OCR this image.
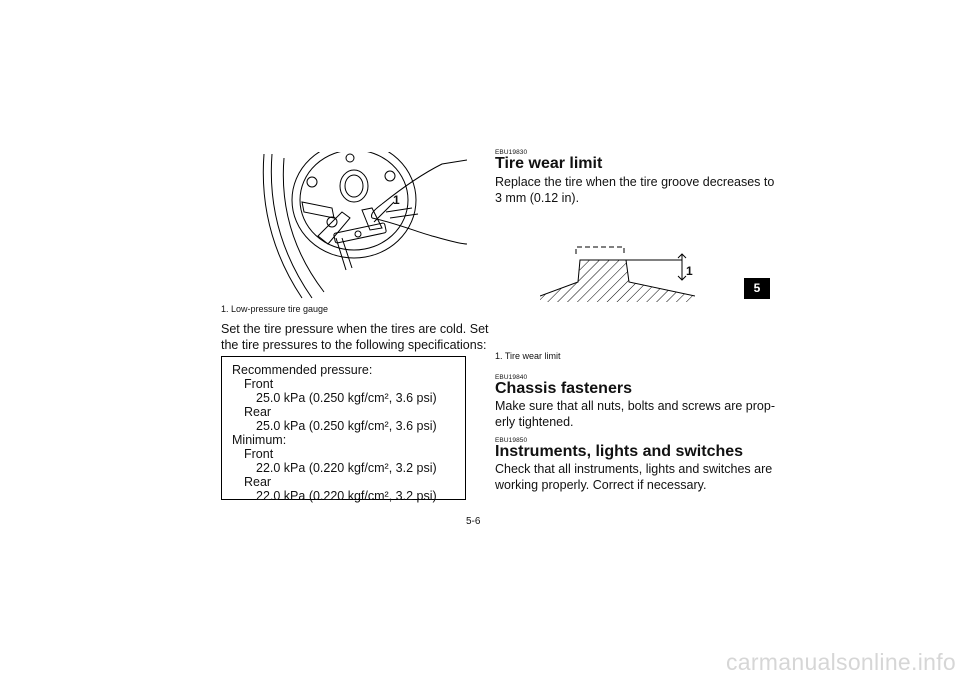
1
1. Low-pressure tire gauge
Set the tire pressure when the tires are cold. Set
the tire pressures to the following specifications:
Recommended pressure:
Front
25.0 kPa (0.250 kgf/cm², 3.6 psi)
Rear
25.0 kPa (0.250 kgf/cm², 3.6 psi)
Minimum:
Front
22.0 kPa (0.220 kgf/cm², 3.2 psi)
Rear
22.0 kPa (0.220 kgf/cm², 3.2 psi)
EBU19830
Tire wear limit
Replace the tire when the tire groove decreases to
3 mm (0.12 in).
1
1. Tire wear limit
EBU19840
Chassis fasteners
Make sure that all nuts, bolts and screws are prop-
erly tightened.
EBU19850
Instruments, lights and switches
Check that all instruments, lights and switches are
working properly. Correct if necessary.
5
5-6
carmanualsonline.info
